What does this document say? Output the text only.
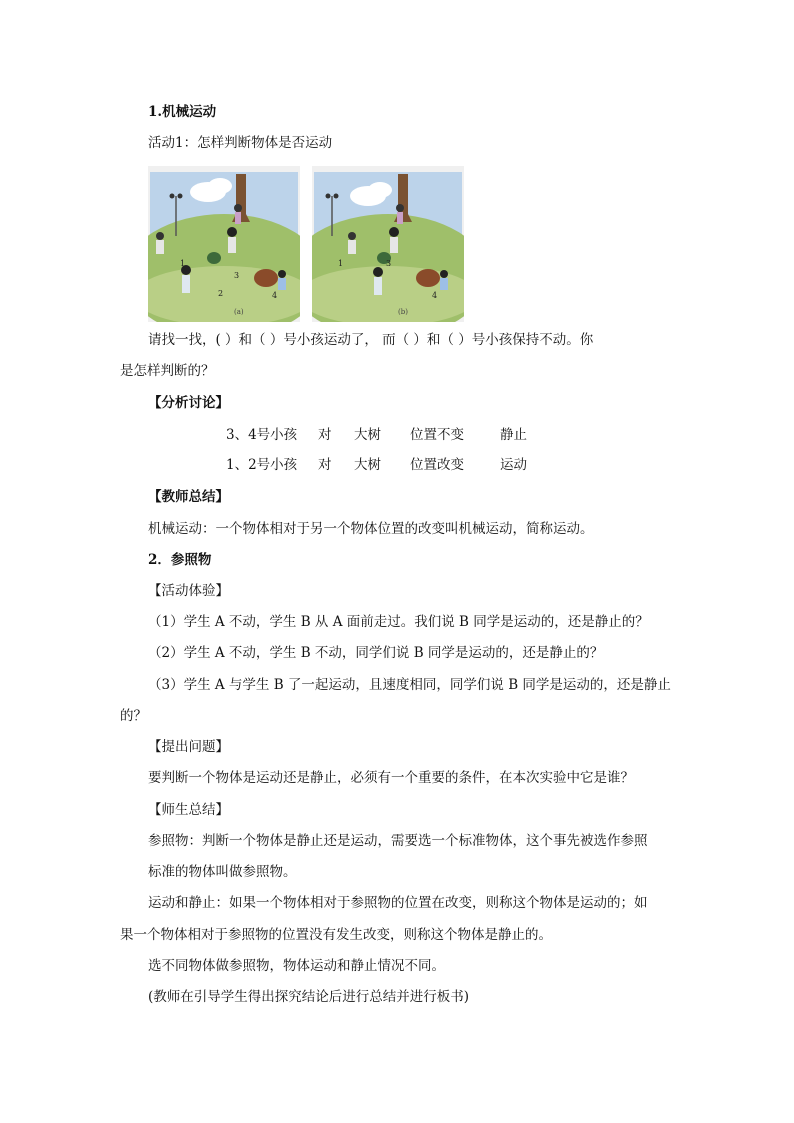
1.机械运动
活动1：怎样判断物体是否运动
1
2
3
4
(a)
1	3
4
(b)
请找一找，( ）和（ ）号小孩运动了， 而（ ）和（ ）号小孩保持不动。你
是怎样判断的？
【分析讨论】
3、4号小孩 对 大树 位置不变	静止
1、2号小孩 对 大树 位置改变	运动
【教师总结】
机械运动：一个物体相对于另一个物体位置的改变叫机械运动，简称运动。
2．参照物
【活动体验】
（1）学生 A 不动，学生 B 从 A 面前走过。我们说 B 同学是运动的，还是静止的？
（2）学生 A 不动，学生 B 不动，同学们说 B 同学是运动的，还是静止的？
（3）学生 A 与学生 B 了一起运动，且速度相同，同学们说 B 同学是运动的，还是静止
的？
【提出问题】
要判断一个物体是运动还是静止，必须有一个重要的条件，在本次实验中它是谁？
【师生总结】
参照物：判断一个物体是静止还是运动，需要选一个标准物体，这个事先被选作参照
标准的物体叫做参照物。
运动和静止：如果一个物体相对于参照物的位置在改变，则称这个物体是运动的；如
果一个物体相对于参照物的位置没有发生改变，则称这个物体是静止的。
选不同物体做参照物，物体运动和静止情况不同。
(教师在引导学生得出探究结论后进行总结并进行板书)
